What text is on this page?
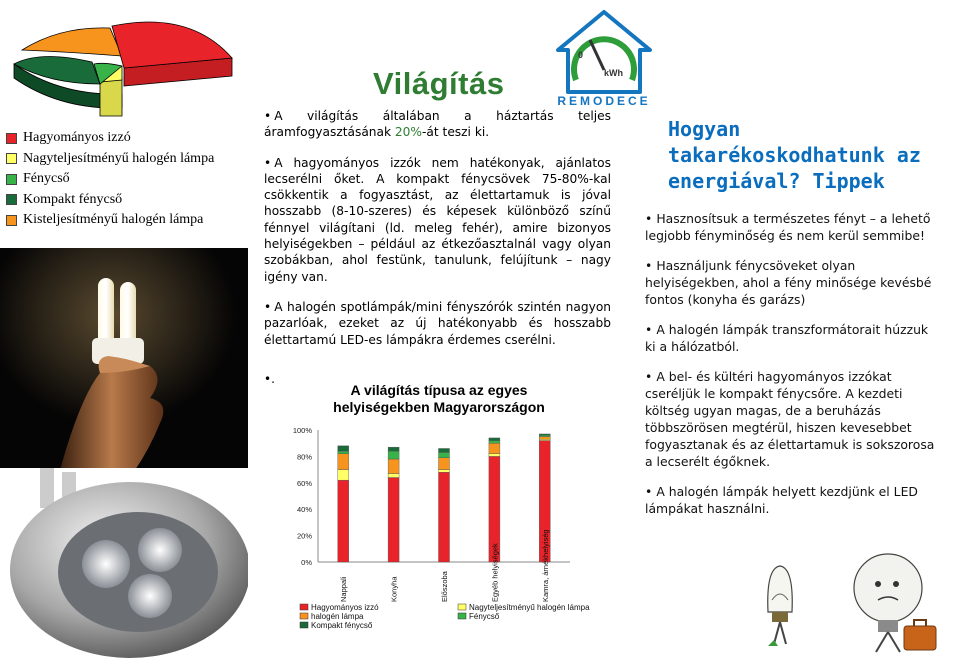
Hagyományos izzó
Nagyteljesítményű halogén lámpa
Fénycső
Kompakt fénycső
Kisteljesítményű halogén lámpa
Világítás

• A világítás általában a háztartás teljes áramfogyasztásának 20%-át teszi ki.

• A hagyományos izzók nem hatékonyak, ajánlatos lecserélni őket. A kompakt fénycsövek 75-80%-kal csökkentik a fogyasztást, az élettartamuk is jóval hosszabb (8-10-szeres) és képesek különböző színű fénnyel világítani (ld. meleg fehér), amire bizonyos helyiségekben – például az étkezőasztalnál vagy olyan szobákban, ahol festünk, tanulunk, felújítunk – nagy igény van.

• A halogén spotlámpák/mini fényszórók szintén nagyon pazarlóak, ezeket az új hatékonyabb és hosszabb élettartamú LED-es lámpákra érdemes cserélni.

•.
A világítás típusa az egyes helyiségekben Magyarországon
0%
20%
40%
60%
80%
100%
Nappali	Konyha	Előszoba	Egyéb helyiségek	Kamra, árnékhelyiség
Hagyományos izzó	Nagyteljesítményű halogén lámpa
halogén lámpa	Fénycső
Kompakt fénycső
0
kWh
REMODECE
Hogyan takarékoskodhatunk az energiával? Tippek
• Hasznosítsuk a természetes fényt – a lehető legjobb fényminőség és nem kerül semmibe!
• Használjunk fénycsöveket olyan helyiségekben, ahol a fény minősége kevésbé fontos (konyha és garázs)
• A halogén lámpák transzformátorait húzzuk ki a hálózatból.
• A bel- és kültéri hagyományos izzókat cseréljük le kompakt fénycsőre. A kezdeti költség ugyan magas, de a beruházás többszörösen megtérül, hiszen kevesebbet fogyasztanak és az élettartamuk is sokszorosa a lecserélt égőknek.
• A halogén lámpák helyett kezdjünk el LED lámpákat használni.
